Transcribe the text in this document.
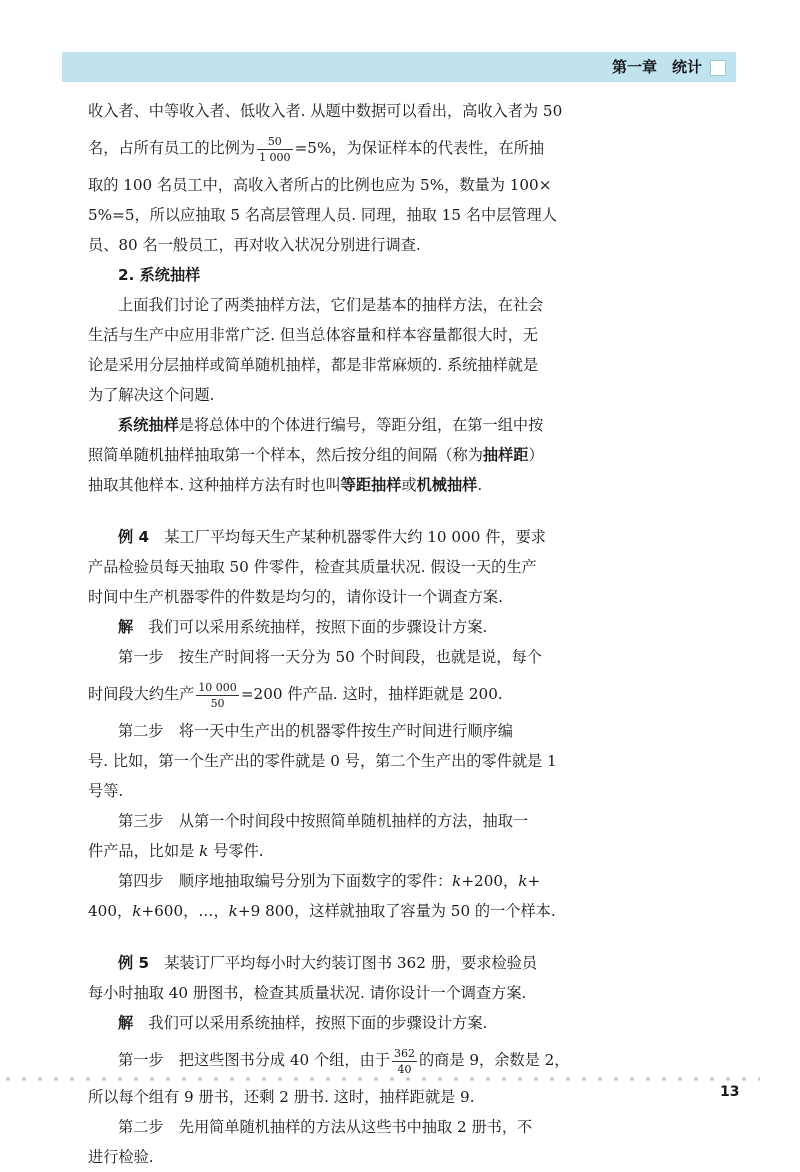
第一章　统计
收入者、中等收入者、低收入者. 从题中数据可以看出，高收入者为 50
名，占所有员工的比例为 $\frac{50}{1 000} =5\%$，为保证样本的代表性，在所抽
取的 100 名员工中，高收入者所占的比例也应为 5%，数量为 100×
5%=5，所以应抽取 5 名高层管理人员. 同理，抽取 15 名中层管理人
员、80 名一般员工，再对收入状况分别进行调查.
2. 系统抽样
上面我们讨论了两类抽样方法，它们是基本的抽样方法，在社会
生活与生产中应用非常广泛. 但当总体容量和样本容量都很大时，无
论是采用分层抽样或简单随机抽样，都是非常麻烦的. 系统抽样就是
为了解决这个问题.
系统抽样是将总体中的个体进行编号，等距分组，在第一组中按
照简单随机抽样抽取第一个样本，然后按分组的间隔（称为抽样距）
抽取其他样本. 这种抽样方法有时也叫等距抽样或机械抽样.
例 4　某工厂平均每天生产某种机器零件大约 10 000 件，要求
产品检验员每天抽取 50 件零件，检查其质量状况. 假设一天的生产
时间中生产机器零件的件数是均匀的，请你设计一个调查方案.
解　我们可以采用系统抽样，按照下面的步骤设计方案.
第一步　按生产时间将一天分为 50 个时间段，也就是说，每个
时间段大约生产 $\frac{10 000}{50} =200$ 件产品. 这时，抽样距就是 200.
第二步　将一天中生产出的机器零件按生产时间进行顺序编
号. 比如，第一个生产出的零件就是 0 号，第二个生产出的零件就是 1
号等.
第三步　从第一个时间段中按照简单随机抽样的方法，抽取一
件产品，比如是 k 号零件.
第四步　顺序地抽取编号分别为下面数字的零件：k+200，k+
400，k+600，…，k+9 800，这样就抽取了容量为 50 的一个样本.
例 5　某装订厂平均每小时大约装订图书 362 册，要求检验员
每小时抽取 40 册图书，检查其质量状况. 请你设计一个调查方案.
解　我们可以采用系统抽样，按照下面的步骤设计方案.
第一步　把这些图书分成 40 个组，由于 $\frac{362}{40}$ 的商是 9，余数是 2，
所以每个组有 9 册书，还剩 2 册书. 这时，抽样距就是 9.
第二步　先用简单随机抽样的方法从这些书中抽取 2 册书，不
进行检验.
13
